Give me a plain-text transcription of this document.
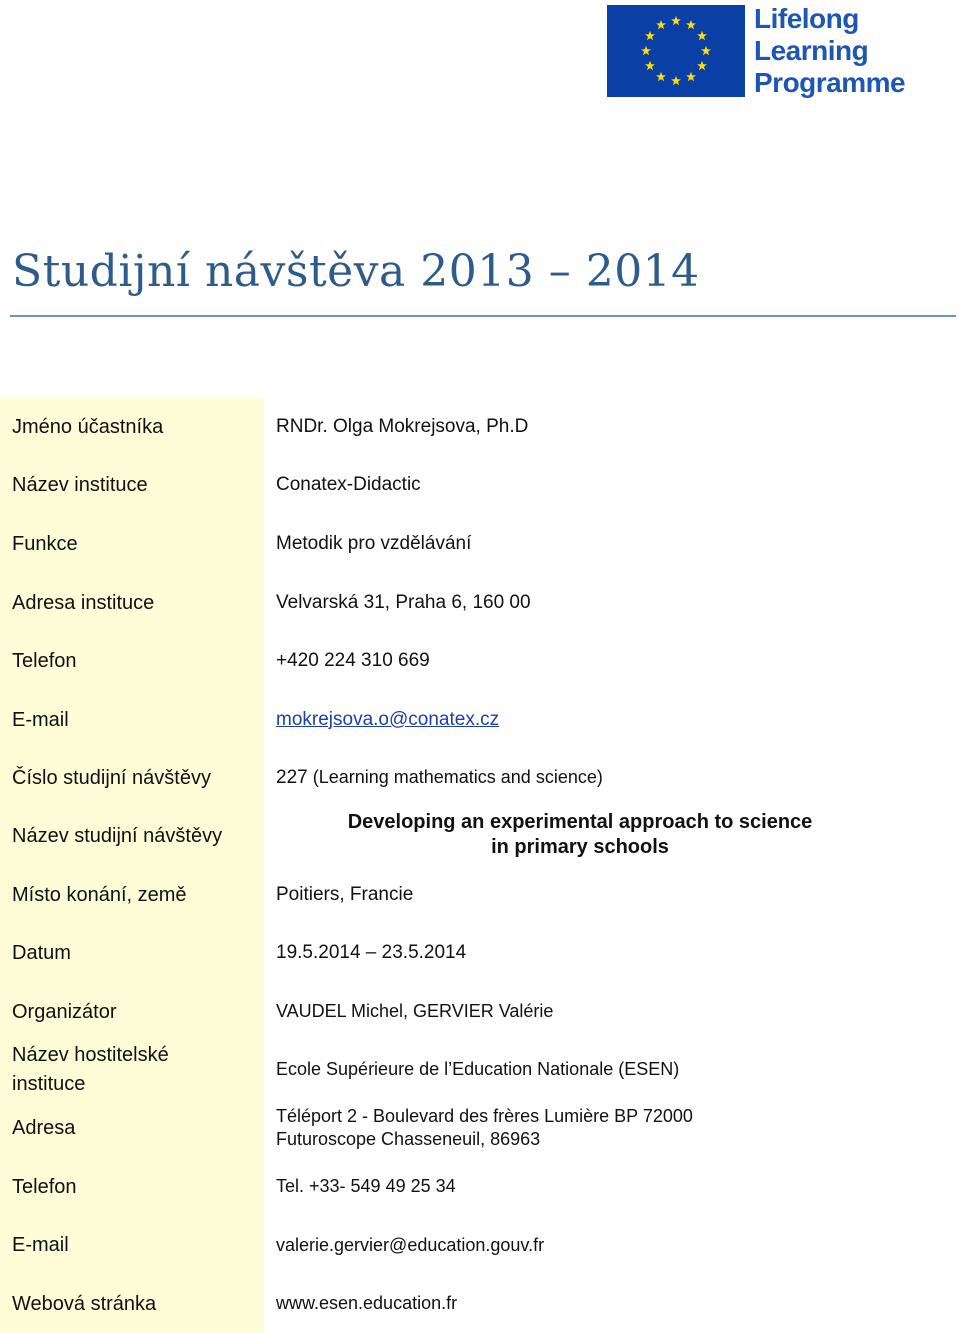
Lifelong
Learning
Programme
Studijní návštěva 2013 – 2014
Jméno účastníka
Název instituce
Funkce
Adresa instituce
Telefon
E-mail
Číslo studijní návštěvy
Název studijní návštěvy
Místo konání, země
Datum
Organizátor
Název hostitelské
instituce
Adresa
Telefon
E-mail
Webová stránka
RNDr. Olga Mokrejsova, Ph.D
Conatex-Didactic
Metodik pro vzdělávání
Velvarská 31, Praha 6, 160 00
+420 224 310 669
mokrejsova.o@conatex.cz
227 (Learning mathematics and science)
Developing an experimental approach to science
in primary schools
Poitiers, Francie
19.5.2014 – 23.5.2014
VAUDEL Michel, GERVIER Valérie
Ecole Supérieure de l’Education Nationale (ESEN)
Téléport 2 - Boulevard des frères Lumière BP 72000
Futuroscope Chasseneuil, 86963
Tel. +33- 549 49 25 34
valerie.gervier@education.gouv.fr
www.esen.education.fr
